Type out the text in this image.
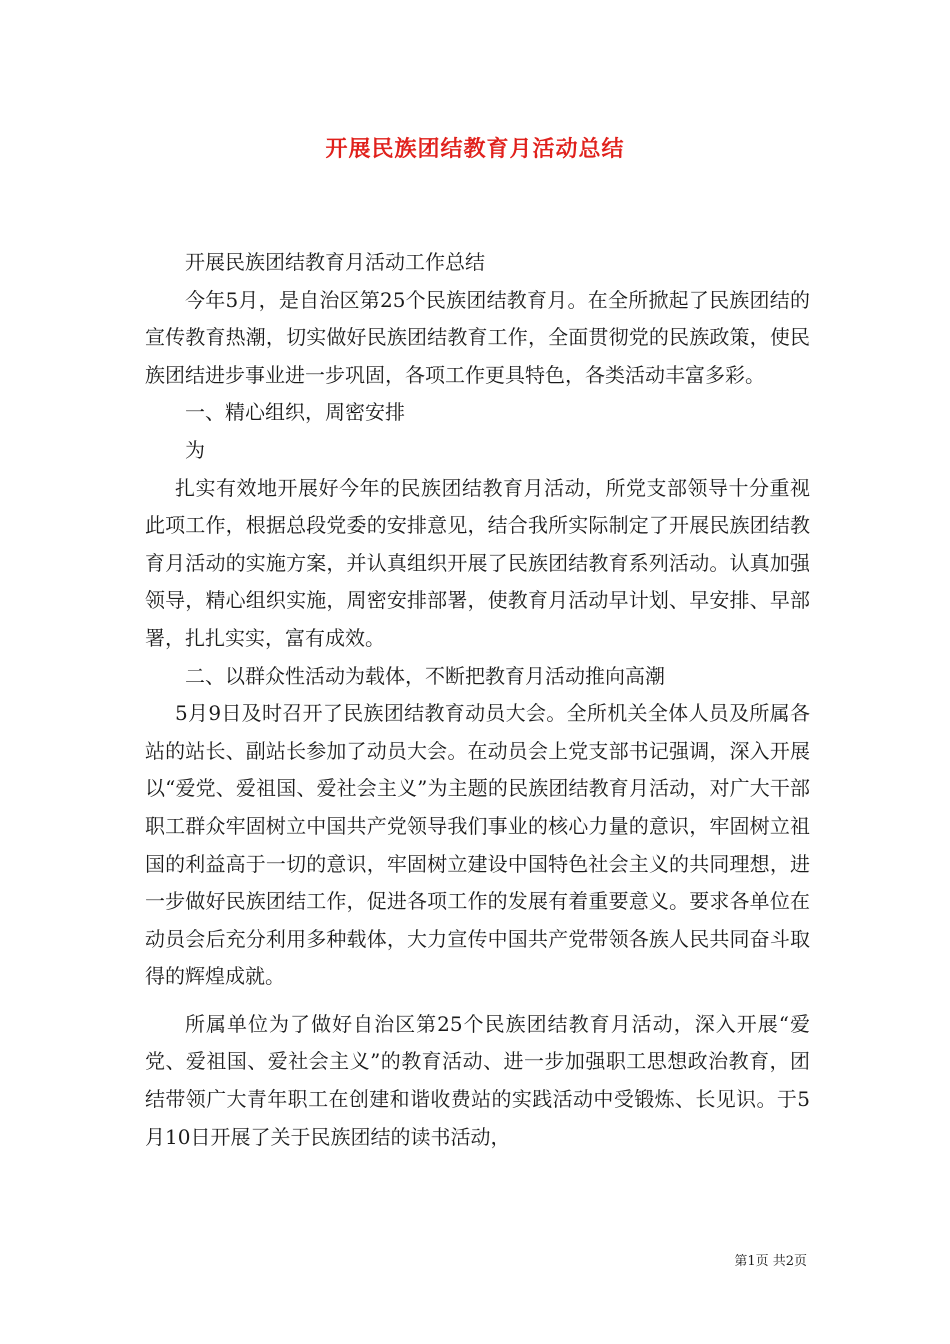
开展民族团结教育月活动总结

开展民族团结教育月活动工作总结

今年5月，是自治区第25个民族团结教育月。在全所掀起了民族团结的宣传教育热潮，切实做好民族团结教育工作，全面贯彻党的民族政策，使民族团结进步事业进一步巩固，各项工作更具特色，各类活动丰富多彩。

一、精心组织，周密安排

为

扎实有效地开展好今年的民族团结教育月活动，所党支部领导十分重视此项工作，根据总段党委的安排意见，结合我所实际制定了开展民族团结教育月活动的实施方案，并认真组织开展了民族团结教育系列活动。认真加强领导，精心组织实施，周密安排部署，使教育月活动早计划、早安排、早部署，扎扎实实，富有成效。

二、以群众性活动为载体，不断把教育月活动推向高潮

5月9日及时召开了民族团结教育动员大会。全所机关全体人员及所属各站的站长、副站长参加了动员大会。在动员会上党支部书记强调，深入开展以“爱党、爱祖国、爱社会主义”为主题的民族团结教育月活动，对广大干部职工群众牢固树立中国共产党领导我们事业的核心力量的意识，牢固树立祖国的利益高于一切的意识，牢固树立建设中国特色社会主义的共同理想，进一步做好民族团结工作，促进各项工作的发展有着重要意义。要求各单位在动员会后充分利用多种载体，大力宣传中国共产党带领各族人民共同奋斗取得的辉煌成就。

所属单位为了做好自治区第25个民族团结教育月活动，深入开展“爱党、爱祖国、爱社会主义”的教育活动、进一步加强职工思想政治教育，团结带领广大青年职工在创建和谐收费站的实践活动中受锻炼、长见识。于5月10日开展了关于民族团结的读书活动，

第1页 共2页
